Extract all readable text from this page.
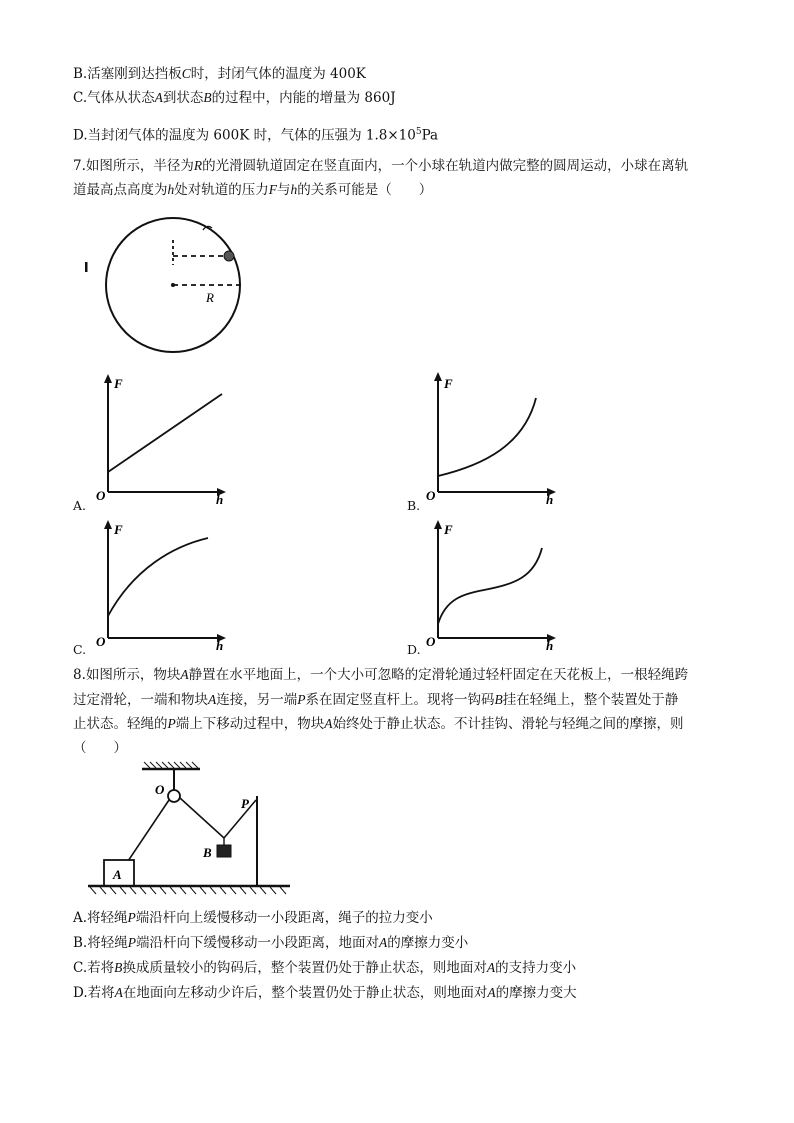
B.活塞刚到达挡板C时，封闭气体的温度为 400K
C.气体从状态A到状态B的过程中，内能的增量为 860J
D.当封闭气体的温度为 600K 时，气体的压强为 $1.8\times 10^5Pa$
7.如图所示，半径为R的光滑圆轨道固定在竖直面内，一个小球在轨道内做完整的圆周运动，小球在离轨
道最高点高度为h处对轨道的压力F与h的关系可能是（　　）
R
F
O	h
A.
F
O	h
B.
F
O	h
C.
F
O	h
D.
8.如图所示，物块A静置在水平地面上，一个大小可忽略的定滑轮通过轻杆固定在天花板上，一根轻绳跨
过定滑轮，一端和物块A连接，另一端P系在固定竖直杆上。现将一钩码B挂在轻绳上，整个装置处于静
止状态。轻绳的P端上下移动过程中，物块A始终处于静止状态。不计挂钩、滑轮与轻绳之间的摩擦，则
（　　）
O
B
P
A
A.将轻绳P端沿杆向上缓慢移动一小段距离，绳子的拉力变小
B.将轻绳P端沿杆向下缓慢移动一小段距离，地面对A的摩擦力变小
C.若将B换成质量较小的钩码后，整个装置仍处于静止状态，则地面对A的支持力变小
D.若将A在地面向左移动少许后，整个装置仍处于静止状态，则地面对A的摩擦力变大
